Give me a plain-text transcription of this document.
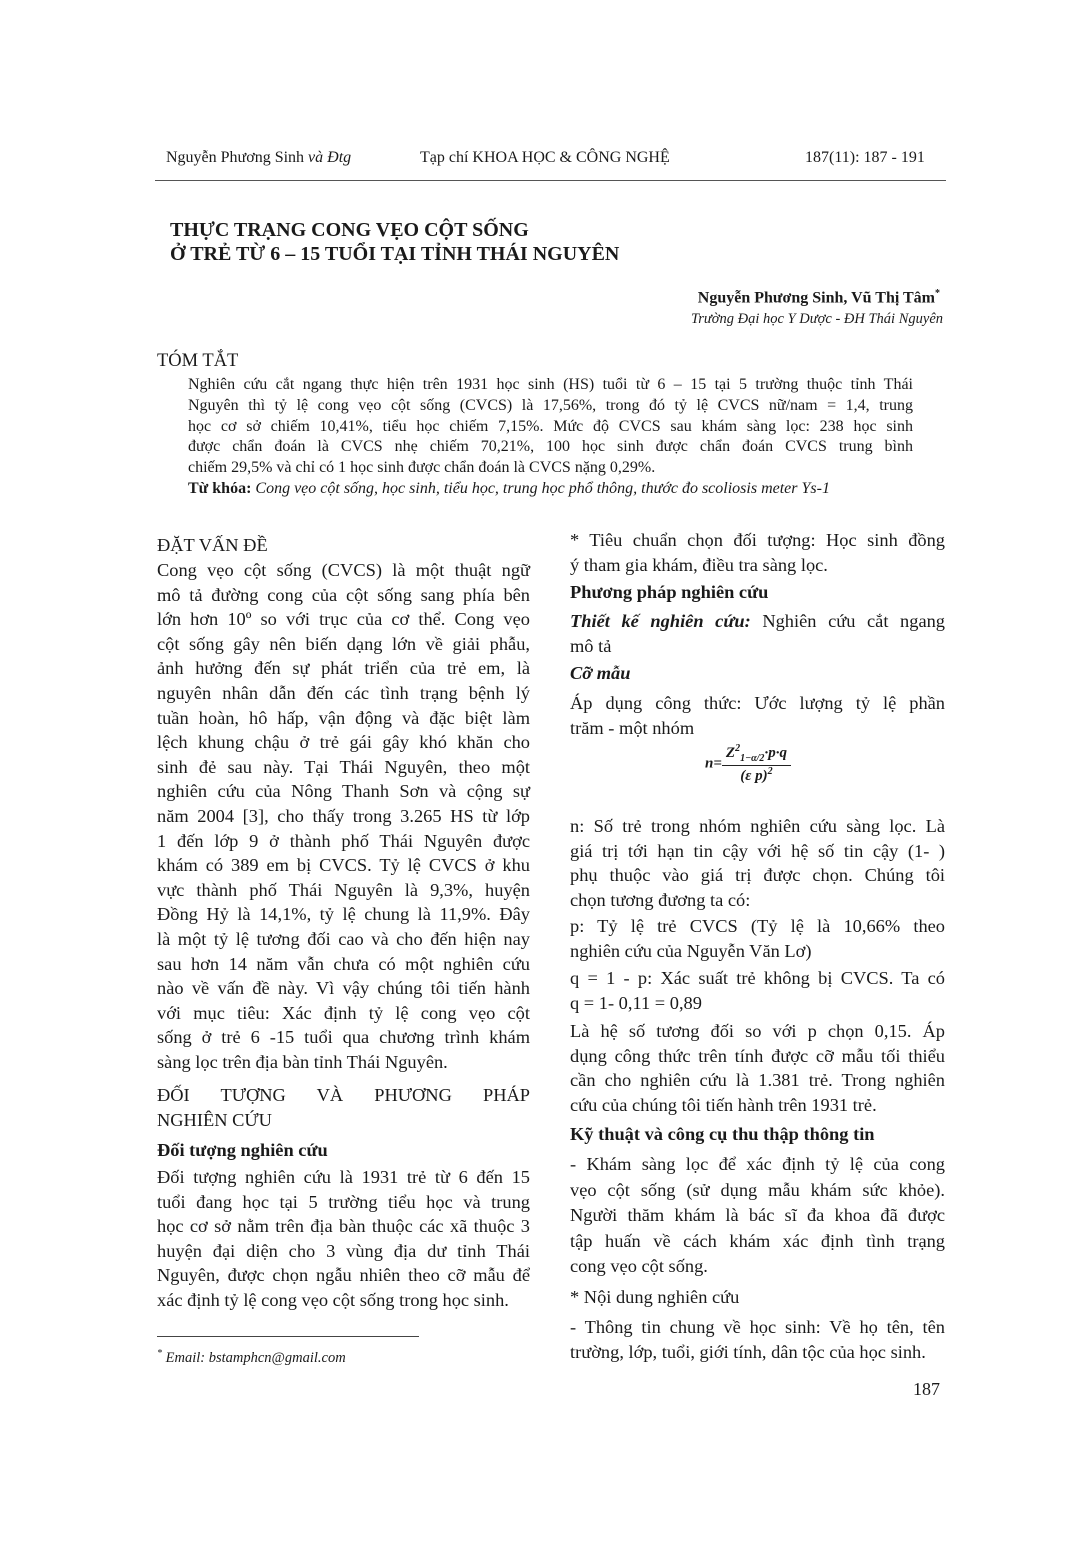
Nguyễn Phương Sinh và Đtg	Tạp chí KHOA HỌC & CÔNG NGHỆ	187(11): 187 - 191
THỰC TRẠNG CONG VẸO CỘT SỐNG
Ở TRẺ TỪ 6 – 15 TUỔI TẠI TỈNH THÁI NGUYÊN
Nguyễn Phương Sinh, Vũ Thị Tâm*
Trường Đại học Y Dược - ĐH Thái Nguyên
TÓM TẮT
Nghiên cứu cắt ngang thực hiện trên 1931 học sinh (HS) tuổi từ 6 – 15 tại 5 trường thuộc tỉnh Thái
Nguyên thì tỷ lệ cong vẹo cột sống (CVCS) là 17,56%, trong đó tỷ lệ CVCS nữ/nam = 1,4, trung
học cơ sở chiếm 10,41%, tiểu học chiếm 7,15%. Mức độ CVCS sau khám sàng lọc: 238 học sinh
được chẩn đoán là CVCS nhẹ chiếm 70,21%, 100 học sinh được chẩn đoán CVCS trung bình
chiếm 29,5% và chỉ có 1 học sinh được chẩn đoán là CVCS nặng 0,29%.
Từ khóa: Cong vẹo cột sống, học sinh, tiểu học, trung học phổ thông, thước đo scoliosis meter Ys-1
ĐẶT VẤN ĐỀ
Cong vẹo cột sống (CVCS) là một thuật ngữ
mô tả đường cong của cột sống sang phía bên
lớn hơn 10º so với trục của cơ thể. Cong vẹo
cột sống gây nên biến dạng lớn về giải phẫu,
ảnh hưởng đến sự phát triển của trẻ em, là
nguyên nhân dẫn đến các tình trạng bệnh lý
tuần hoàn, hô hấp, vận động và đặc biệt làm
lệch khung chậu ở trẻ gái gây khó khăn cho
sinh đẻ sau này. Tại Thái Nguyên, theo một
nghiên cứu của Nông Thanh Sơn và cộng sự
năm 2004 [3], cho thấy trong 3.265 HS từ lớp
1 đến lớp 9 ở thành phố Thái Nguyên được
khám có 389 em bị CVCS. Tỷ lệ CVCS ở khu
vực thành phố Thái Nguyên là 9,3%, huyện
Đồng Hỷ là 14,1%, tỷ lệ chung là 11,9%. Đây
là một tỷ lệ tương đối cao và cho đến hiện nay
sau hơn 14 năm vẫn chưa có một nghiên cứu
nào về vấn đề này. Vì vậy chúng tôi tiến hành
với mục tiêu: Xác định tỷ lệ cong vẹo cột
sống ở trẻ 6 -15 tuổi qua chương trình khám
sàng lọc trên địa bàn tỉnh Thái Nguyên.
ĐỐI TƯỢNG VÀ PHƯƠNG PHÁP
NGHIÊN CỨU
Đối tượng nghiên cứu
Đối tượng nghiên cứu là 1931 trẻ từ 6 đến 15
tuổi đang học tại 5 trường tiểu học và trung
học cơ sở nằm trên địa bàn thuộc các xã thuộc 3
huyện đại diện cho 3 vùng địa dư tỉnh Thái
Nguyên, được chọn ngẫu nhiên theo cỡ mẫu để
xác định tỷ lệ cong vẹo cột sống trong học sinh.
* Email: bstamphcn@gmail.com
* Tiêu chuẩn chọn đối tượng: Học sinh đồng
ý tham gia khám, điều tra sàng lọc.
Phương pháp nghiên cứu
Thiết kế nghiên cứu: Nghiên cứu cắt ngang
mô tả
Cỡ mẫu
Áp dụng công thức: Ước lượng tỷ lệ phần
trăm - một nhóm
$n= \frac{Z^2_{1-\alpha/2}\cdot p\cdot q}{(\varepsilon p)^2}$
n: Số trẻ trong nhóm nghiên cứu sàng lọc. Là
giá trị tới hạn tin cậy với hệ số tin cậy (1- )
phụ thuộc vào giá trị được chọn. Chúng tôi
chọn tương đương ta có:
p: Tỷ lệ trẻ CVCS (Tỷ lệ là 10,66% theo
nghiên cứu của Nguyễn Văn Lơ)
q = 1 - p: Xác suất trẻ không bị CVCS. Ta có
q = 1- 0,11 = 0,89
Là hệ số tương đối so với p chọn 0,15. Áp
dụng công thức trên tính được cỡ mẫu tối thiểu
cần cho nghiên cứu là 1.381 trẻ. Trong nghiên
cứu của chúng tôi tiến hành trên 1931 trẻ.
Kỹ thuật và công cụ thu thập thông tin
- Khám sàng lọc để xác định tỷ lệ của cong
vẹo cột sống (sử dụng mẫu khám sức khỏe).
Người thăm khám là bác sĩ đa khoa đã được
tập huấn về cách khám xác định tình trạng
cong vẹo cột sống.
* Nội dung nghiên cứu
- Thông tin chung về học sinh: Về họ tên, tên
trường, lớp, tuổi, giới tính, dân tộc của học sinh.
187
